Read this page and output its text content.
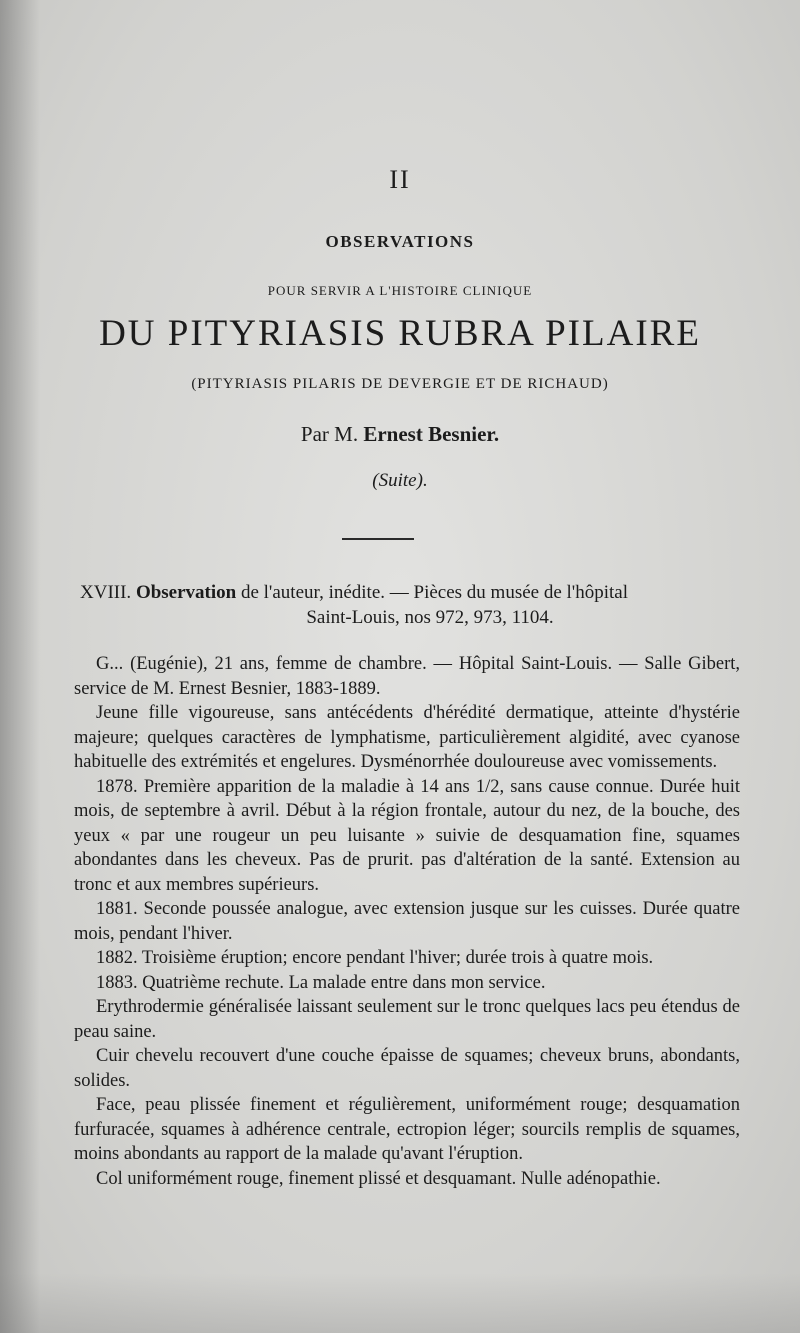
II
OBSERVATIONS
POUR SERVIR A L'HISTOIRE CLINIQUE
DU PITYRIASIS RUBRA PILAIRE
(PITYRIASIS PILARIS DE DEVERGIE ET DE RICHAUD)
Par M. Ernest Besnier.
(Suite).
XVIII. Observation de l'auteur, inédite. — Pièces du musée de l'hôpital
Saint-Louis, nos 972, 973, 1104.

G... (Eugénie), 21 ans, femme de chambre. — Hôpital Saint-Louis. — Salle Gibert, service de M. Ernest Besnier, 1883-1889.

Jeune fille vigoureuse, sans antécédents d'hérédité dermatique, atteinte d'hystérie majeure; quelques caractères de lymphatisme, particulièrement algidité, avec cyanose habituelle des extrémités et engelures. Dysménorrhée douloureuse avec vomissements.

1878. Première apparition de la maladie à 14 ans 1/2, sans cause connue. Durée huit mois, de septembre à avril. Début à la région frontale, autour du nez, de la bouche, des yeux « par une rougeur un peu luisante » suivie de desquamation fine, squames abondantes dans les cheveux. Pas de prurit. pas d'altération de la santé. Extension au tronc et aux membres supérieurs.

1881. Seconde poussée analogue, avec extension jusque sur les cuisses. Durée quatre mois, pendant l'hiver.

1882. Troisième éruption; encore pendant l'hiver; durée trois à quatre mois.

1883. Quatrième rechute. La malade entre dans mon service.

Erythrodermie généralisée laissant seulement sur le tronc quelques lacs peu étendus de peau saine.

Cuir chevelu recouvert d'une couche épaisse de squames; cheveux bruns, abondants, solides.

Face, peau plissée finement et régulièrement, uniformément rouge; desquamation furfuracée, squames à adhérence centrale, ectropion léger; sourcils remplis de squames, moins abondants au rapport de la malade qu'avant l'éruption.

Col uniformément rouge, finement plissé et desquamant. Nulle adénopathie.
